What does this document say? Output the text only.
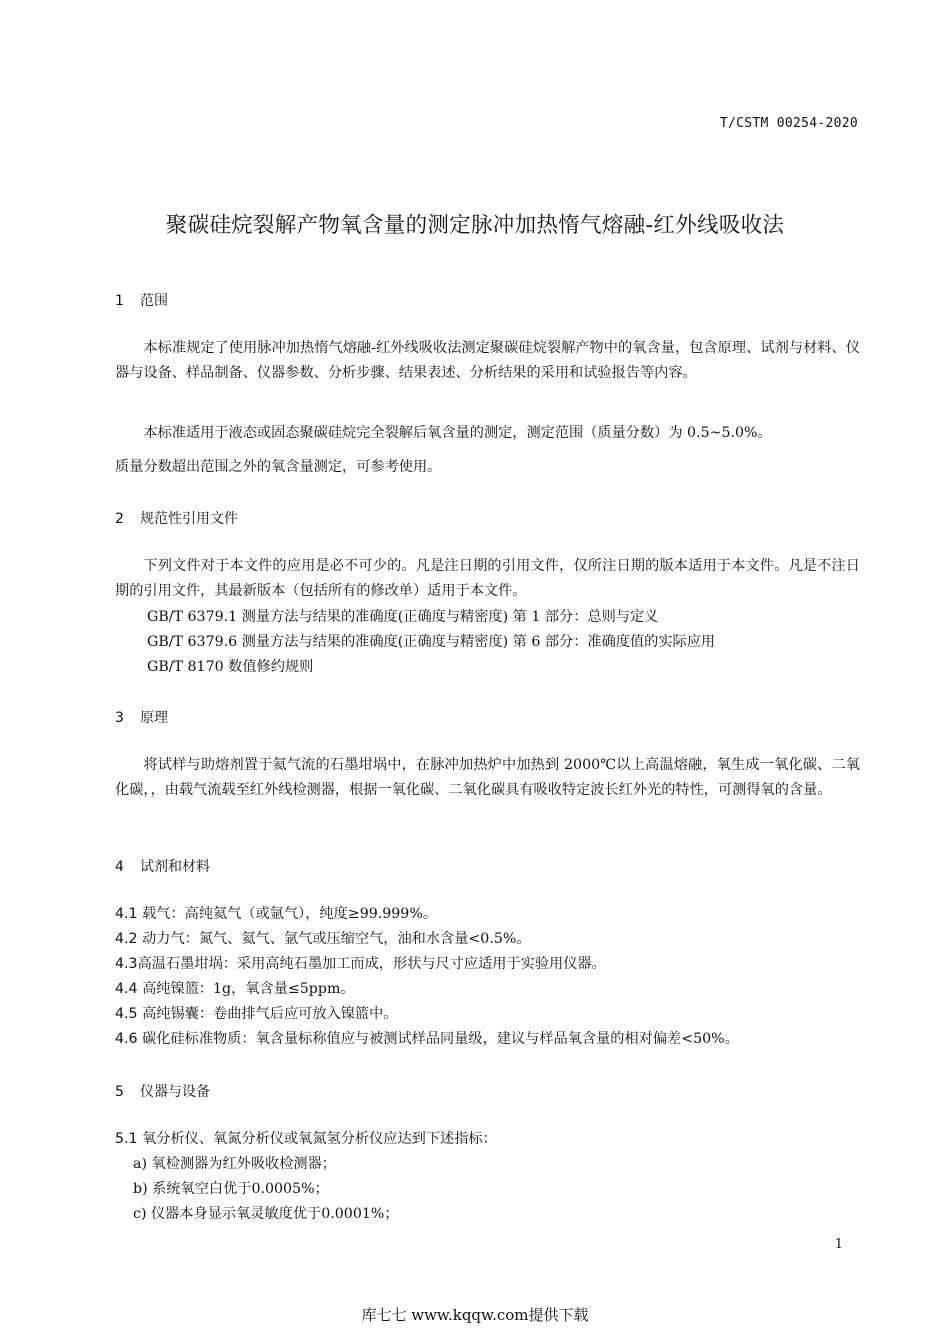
T/CSTM 00254-2020
聚碳硅烷裂解产物氧含量的测定脉冲加热惰气熔融-红外线吸收法
1 范围

本标准规定了使用脉冲加热惰气熔融-红外线吸收法测定聚碳硅烷裂解产物中的氧含量，包含原理、试剂与材料、仪器与设备、样品制备、仪器参数、分析步骤、结果表述、分析结果的采用和试验报告等内容。

本标准适用于液态或固态聚碳硅烷完全裂解后氧含量的测定，测定范围（质量分数）为 0.5~5.0%。

质量分数超出范围之外的氧含量测定，可参考使用。

2 规范性引用文件

下列文件对于本文件的应用是必不可少的。凡是注日期的引用文件，仅所注日期的版本适用于本文件。凡是不注日期的引用文件，其最新版本（包括所有的修改单）适用于本文件。

GB/T 6379.1 测量方法与结果的准确度(正确度与精密度) 第 1 部分：总则与定义
GB/T 6379.6 测量方法与结果的准确度(正确度与精密度) 第 6 部分：准确度值的实际应用
GB/T 8170 数值修约规则
3 原理

将试样与助熔剂置于氦气流的石墨坩埚中，在脉冲加热炉中加热到 2000℃以上高温熔融，氧生成一氧化碳、二氧化碳，，由载气流载至红外线检测器，根据一氧化碳、二氧化碳具有吸收特定波长红外光的特性，可测得氧的含量。

4 试剂和材料
4.1 载气：高纯氦气（或氩气），纯度≥99.999%。
4.2 动力气：氮气、氦气、氩气或压缩空气，油和水含量<0.5%。
4.3高温石墨坩埚：采用高纯石墨加工而成，形状与尺寸应适用于实验用仪器。
4.4 高纯镍篮：1g，氧含量≤5ppm。
4.5 高纯锡囊：卷曲排气后应可放入镍篮中。
4.6 碳化硅标准物质：氧含量标称值应与被测试样品同量级，建议与样品氧含量的相对偏差<50%。
5 仪器与设备
5.1 氧分析仪、氧氮分析仪或氧氮氢分析仪应达到下述指标：
a) 氧检测器为红外吸收检测器；
b) 系统氧空白优于0.0005%；
c) 仪器本身显示氧灵敏度优于0.0001%；
1
库七七 www.kqqw.com提供下载
